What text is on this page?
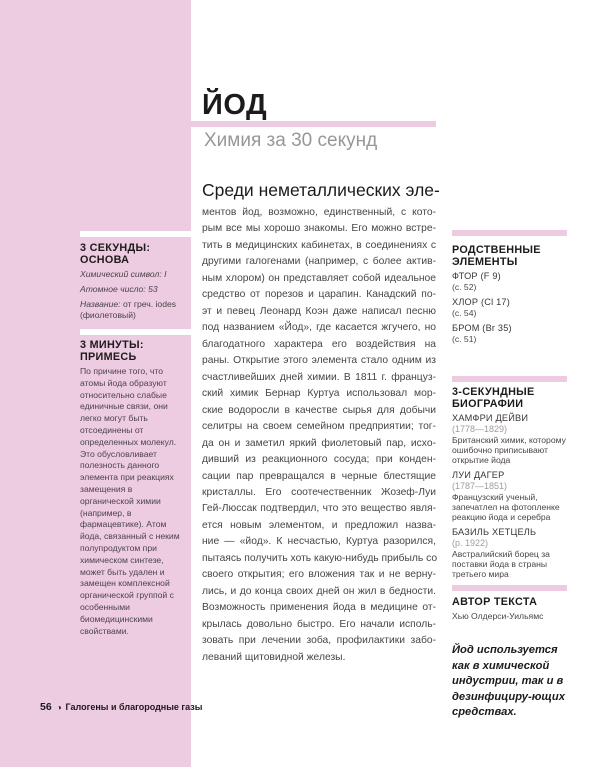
ЙОД
Химия за 30 секунд
Среди неметаллических эле-
ментов йод, возможно, единственный, с кото-
рым все мы хорошо знакомы. Его можно встре-
тить в медицинских кабинетах, в соединениях с
другими галогенами (например, с более актив-
ным хлором) он представляет собой идеальное
средство от порезов и царапин. Канадский по-
эт и певец Леонард Коэн даже написал песню
под названием «Йод», где касается жгучего, но
благодатного характера его воздействия на
раны. Открытие этого элемента стало одним из
счастливейших дней химии. В 1811 г. француз-
ский химик Бернар Куртуа использовал мор-
ские водоросли в качестве сырья для добычи
селитры на своем семейном предприятии; тог-
да он и заметил яркий фиолетовый пар, исхо-
дивший из реакционного сосуда; при конден-
сации пар превращался в черные блестящие
кристаллы. Его соотечественник Жозеф-Луи
Гей-Люссак подтвердил, что это вещество явля-
ется новым элементом, и предложил назва-
ние — «йод». К несчастью, Куртуа разорился,
пытаясь получить хоть какую-нибудь прибыль со
своего открытия; его вложения так и не верну-
лись, и до конца своих дней он жил в бедности.
Возможность применения йода в медицине от-
крылась довольно быстро. Его начали исполь-
зовать при лечении зоба, профилактики забо-
леваний щитовидной железы.
3 СЕКУНДЫ: ОСНОВА

Химический символ: I

Атомное число: 53

Название: от греч. iodes (фиолетовый)

3 МИНУТЫ: ПРИМЕСЬ

По причине того, что атомы йода образуют относительно слабые единичные связи, они легко могут быть отсоединены от определенных молекул. Это обусловливает полезность данного элемента при реакциях замещения в органической химии (например, в фармацевтике). Атом йода, связанный с неким полупродуктом при химическом синтезе, может быть удален и замещен комплексной органической группой с особенными биомедицинскими свойствами.

РОДСТВЕННЫЕ ЭЛЕМЕНТЫ
ФТОР (F 9)
(с. 52)
ХЛОР (Cl 17)
(с. 54)
БРОМ (Br 35)
(с. 51)
3-СЕКУНДНЫЕ БИОГРАФИИ
ХАМФРИ ДЕЙВИ
(1778—1829)
Британский химик, которому ошибочно приписывают открытие йода
ЛУИ ДАГЕР
(1787—1851)
Французский ученый, запечатлел на фотопленке реакцию йода и серебра
БАЗИЛЬ ХЕТЦЕЛЬ
(р. 1922)
Австралийский борец за поставки йода в страны третьего мира
АВТОР ТЕКСТА

Хью Олдерси-Уильямс

Йод используется как в химической индустрии, так и в дезинфициру-ющих средствах.
56 ◑ Галогены и благородные газы
